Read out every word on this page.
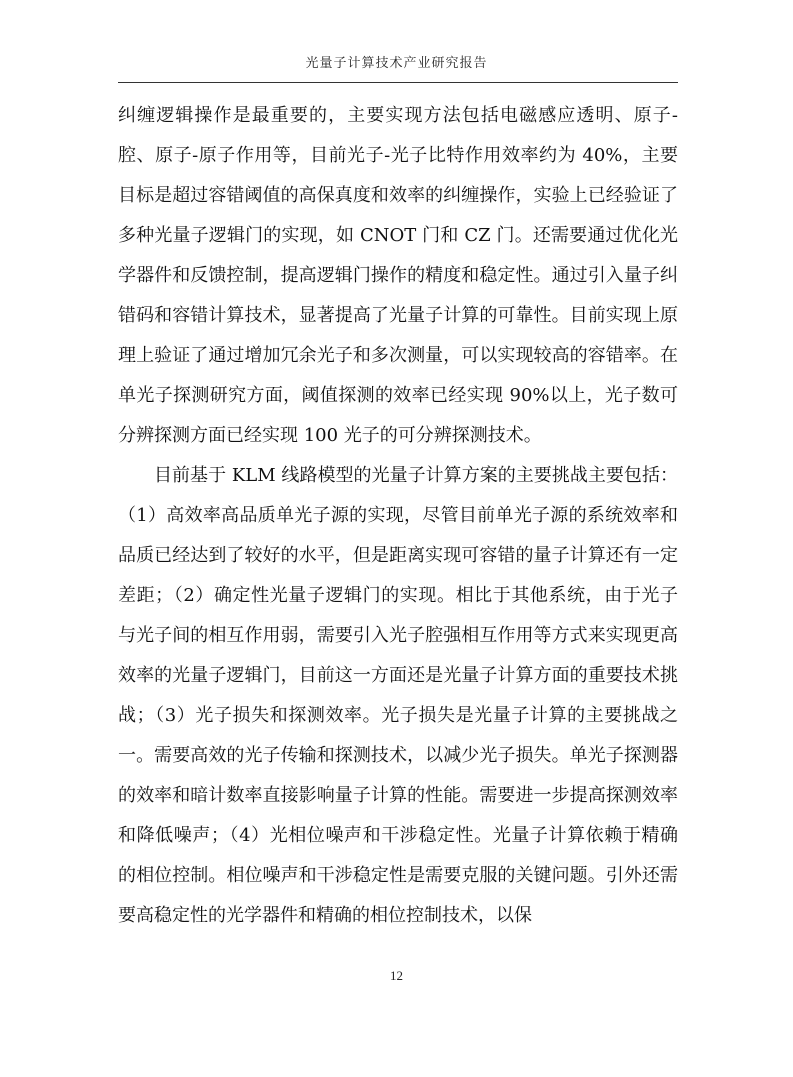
光量子计算技术产业研究报告

纠缠逻辑操作是最重要的，主要实现方法包括电磁感应透明、原子-腔、原子-原子作用等，目前光子-光子比特作用效率约为 40%，主要目标是超过容错阈值的高保真度和效率的纠缠操作，实验上已经验证了多种光量子逻辑门的实现，如 CNOT 门和 CZ 门。还需要通过优化光学器件和反馈控制，提高逻辑门操作的精度和稳定性。通过引入量子纠错码和容错计算技术，显著提高了光量子计算的可靠性。目前实现上原理上验证了通过增加冗余光子和多次测量，可以实现较高的容错率。在单光子探测研究方面，阈值探测的效率已经实现 90%以上，光子数可分辨探测方面已经实现 100 光子的可分辨探测技术。

目前基于 KLM 线路模型的光量子计算方案的主要挑战主要包括：（1）高效率高品质单光子源的实现，尽管目前单光子源的系统效率和品质已经达到了较好的水平，但是距离实现可容错的量子计算还有一定差距；（2）确定性光量子逻辑门的实现。相比于其他系统，由于光子与光子间的相互作用弱，需要引入光子腔强相互作用等方式来实现更高效率的光量子逻辑门，目前这一方面还是光量子计算方面的重要技术挑战；（3）光子损失和探测效率。光子损失是光量子计算的主要挑战之一。需要高效的光子传输和探测技术，以减少光子损失。单光子探测器的效率和暗计数率直接影响量子计算的性能。需要进一步提高探测效率和降低噪声；（4）光相位噪声和干涉稳定性。光量子计算依赖于精确的相位控制。相位噪声和干涉稳定性是需要克服的关键问题。引外还需要高稳定性的光学器件和精确的相位控制技术，以保

12
